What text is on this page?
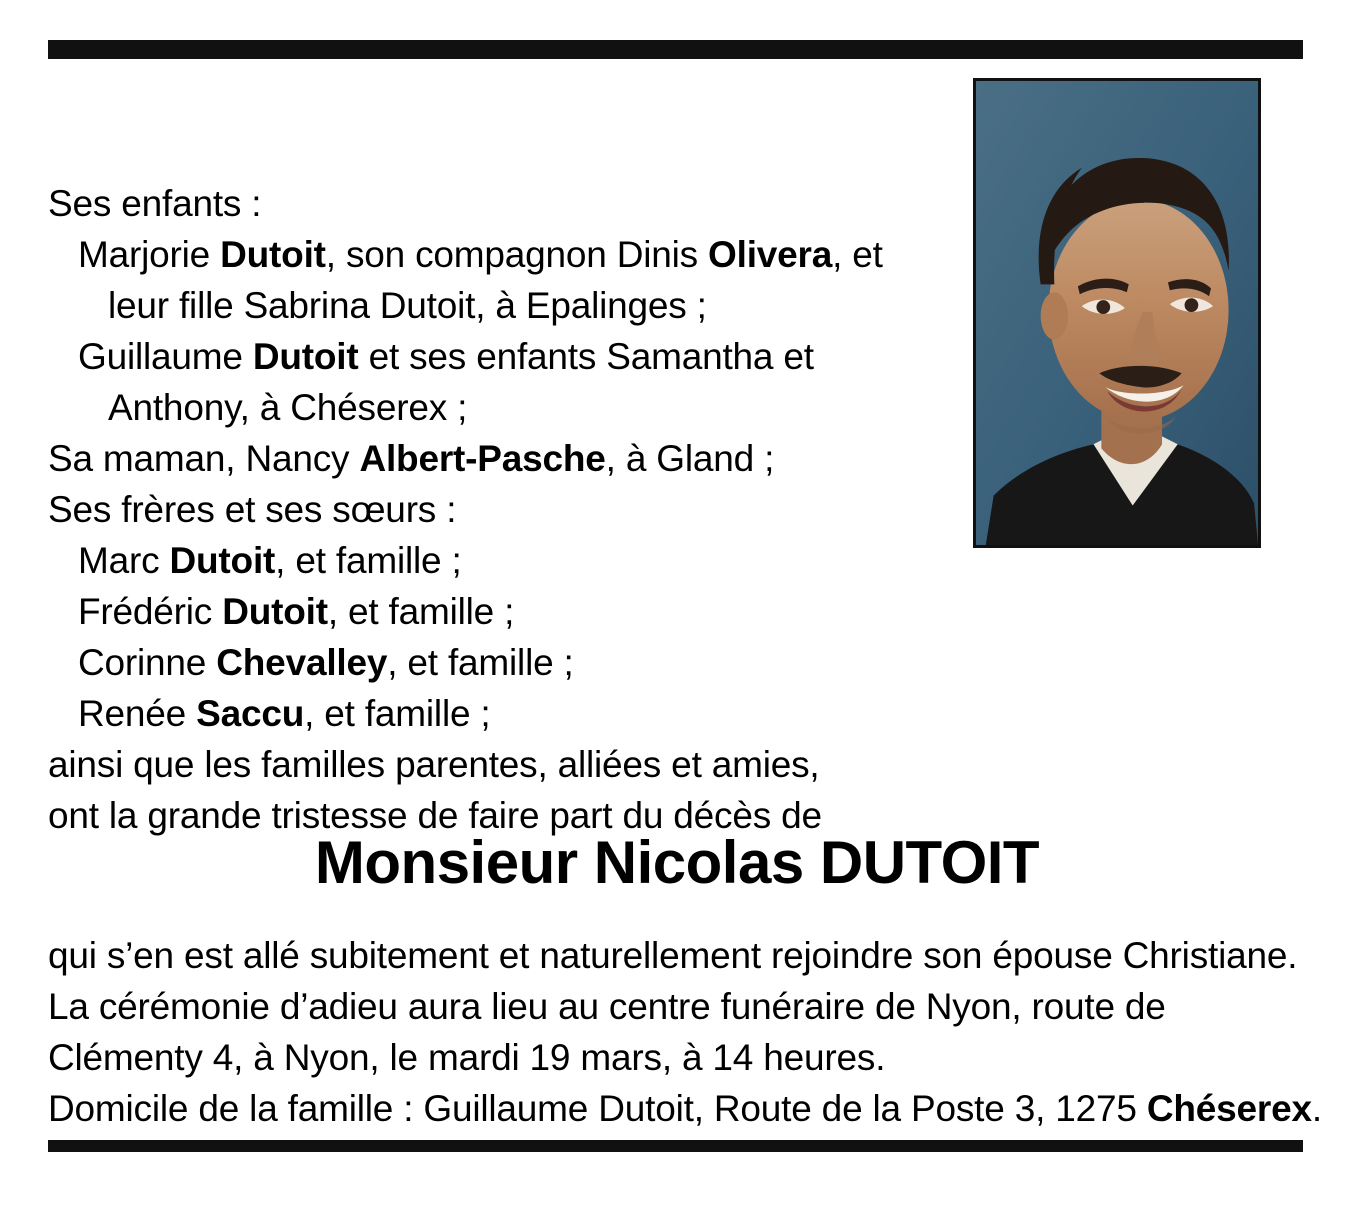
Ses enfants :
Marjorie Dutoit, son compagnon Dinis Olivera, et
leur fille Sabrina Dutoit, à Epalinges ;
Guillaume Dutoit et ses enfants Samantha et
Anthony, à Chéserex ;
Sa maman, Nancy Albert-Pasche, à Gland ;
Ses frères et ses sœurs :
Marc Dutoit, et famille ;
Frédéric Dutoit, et famille ;
Corinne Chevalley, et famille ;
Renée Saccu, et famille ;
ainsi que les familles parentes, alliées et amies,
ont la grande tristesse de faire part du décès de
Monsieur Nicolas DUTOIT
qui s’en est allé subitement et naturellement rejoindre son épouse Christiane.
La cérémonie d’adieu aura lieu au centre funéraire de Nyon, route de
Clémenty 4, à Nyon, le mardi 19 mars, à 14 heures.
Domicile de la famille : Guillaume Dutoit, Route de la Poste 3, 1275 Chéserex.
